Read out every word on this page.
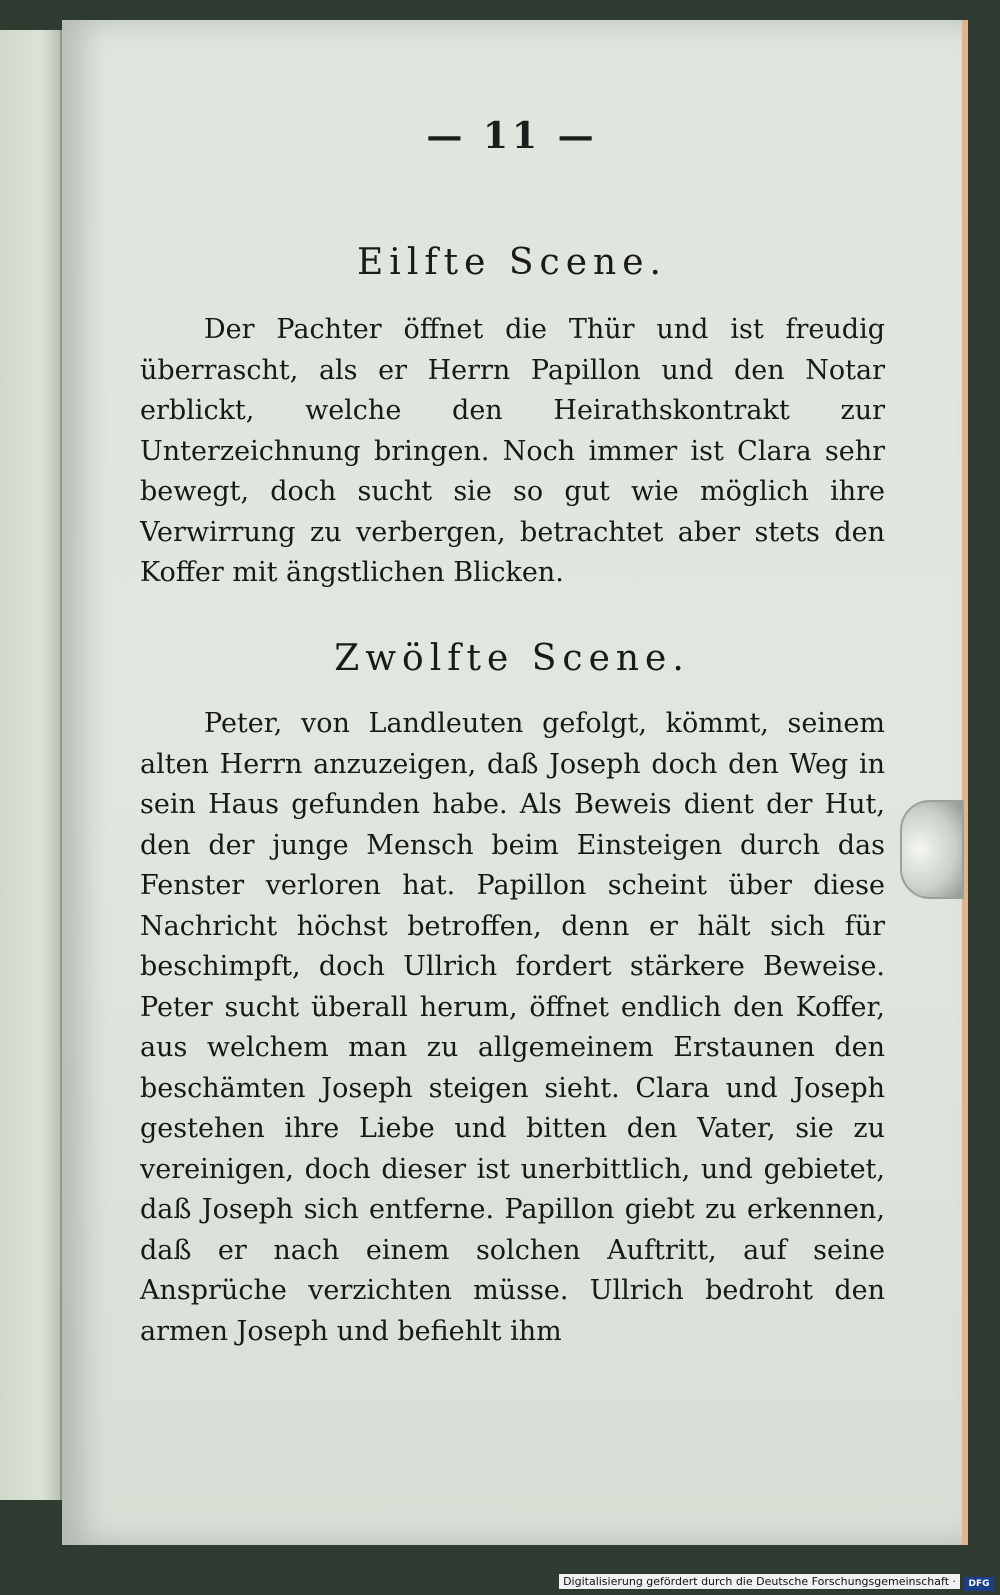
— 11 —
Eilfte Scene.
Der Pachter öffnet die Thür und ist freudig überrascht, als er Herrn Papillon und den Notar erblickt, welche den Heirathskontrakt zur Unterzeichnung bringen. Noch immer ist Clara sehr bewegt, doch sucht sie so gut wie möglich ihre Verwirrung zu verbergen, betrachtet aber stets den Koffer mit ängstlichen Blicken.
Zwölfte Scene.
Peter, von Landleuten gefolgt, kömmt, seinem alten Herrn anzuzeigen, daß Joseph doch den Weg in sein Haus gefunden habe. Als Beweis dient der Hut, den der junge Mensch beim Einsteigen durch das Fenster verloren hat. Papillon scheint über diese Nachricht höchst betroffen, denn er hält sich für beschimpft, doch Ullrich fordert stärkere Beweise. Peter sucht überall herum, öffnet endlich den Koffer, aus welchem man zu allgemeinem Erstaunen den beschämten Joseph steigen sieht. Clara und Joseph gestehen ihre Liebe und bitten den Vater, sie zu vereinigen, doch dieser ist unerbittlich, und gebietet, daß Joseph sich entferne. Papillon giebt zu erkennen, daß er nach einem solchen Auftritt, auf seine Ansprüche verzichten müsse. Ullrich bedroht den armen Joseph und befiehlt ihm
Digitalisierung gefördert durch die Deutsche Forschungsgemeinschaft ·	DFG
